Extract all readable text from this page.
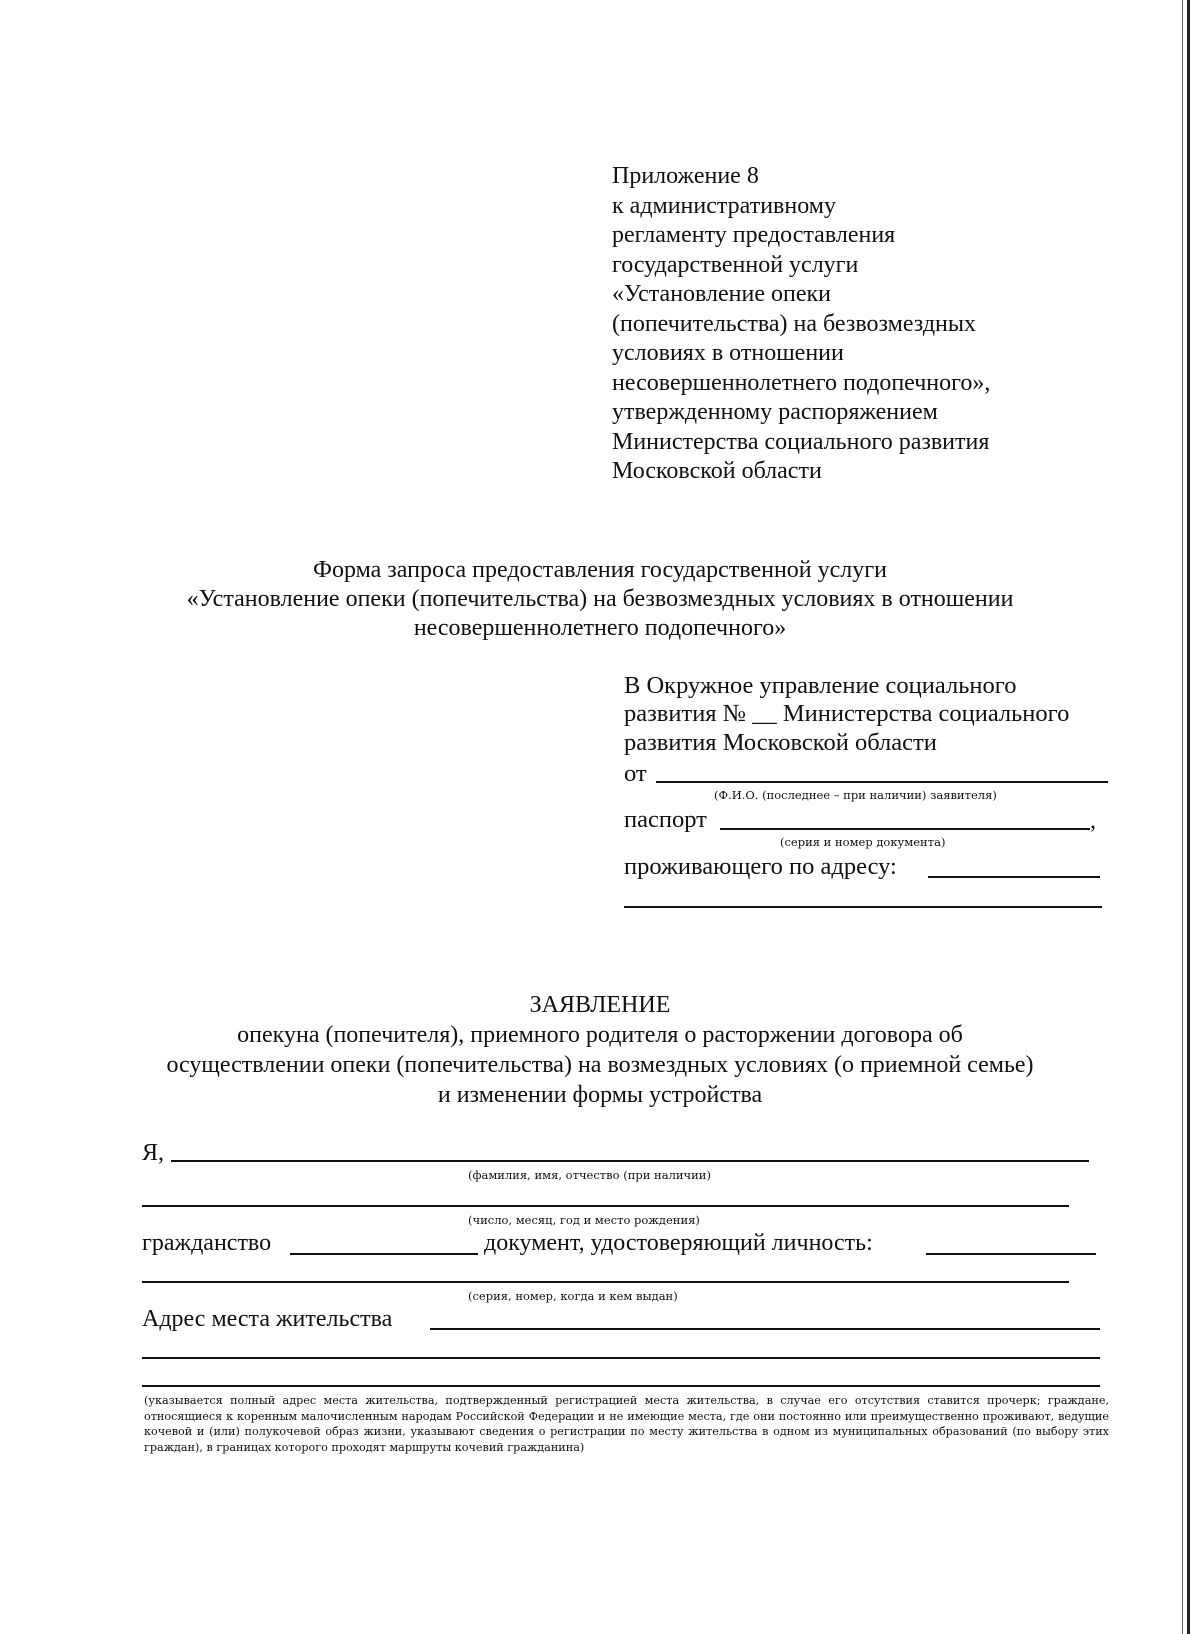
Приложение 8
к административному
регламенту предоставления
государственной услуги
«Установление опеки
(попечительства) на безвозмездных
условиях в отношении
несовершеннолетнего подопечного»,
утвержденному распоряжением
Министерства социального развития
Московской области
Форма запроса предоставления государственной услуги
«Установление опеки (попечительства) на безвозмездных условиях в отношении
несовершеннолетнего подопечного»
В Окружное управление социального
развития № __ Министерства социального
развития Московской области
от
(Ф.И.О. (последнее – при наличии) заявителя)
паспорт	,
(серия и номер документа)
проживающего по адресу:
ЗАЯВЛЕНИЕ
опекуна (попечителя), приемного родителя о расторжении договора об
осуществлении опеки (попечительства) на возмездных условиях (о приемной семье)
и изменении формы устройства
Я,
(фамилия, имя, отчество (при наличии)
(число, месяц, год и место рождения)
гражданство	документ, удостоверяющий личность:
(серия, номер, когда и кем выдан)
Адрес места жительства
(указывается полный адрес места жительства, подтвержденный регистрацией места жительства, в случае его отсутствия ставится прочерк; граждане, относящиеся к коренным малочисленным народам Российской Федерации и не имеющие места, где они постоянно или преимущественно проживают, ведущие кочевой и (или) полукочевой образ жизни, указывают сведения о регистрации по месту жительства в одном из муниципальных образований (по выбору этих граждан), в границах которого проходят маршруты кочевий гражданина)
